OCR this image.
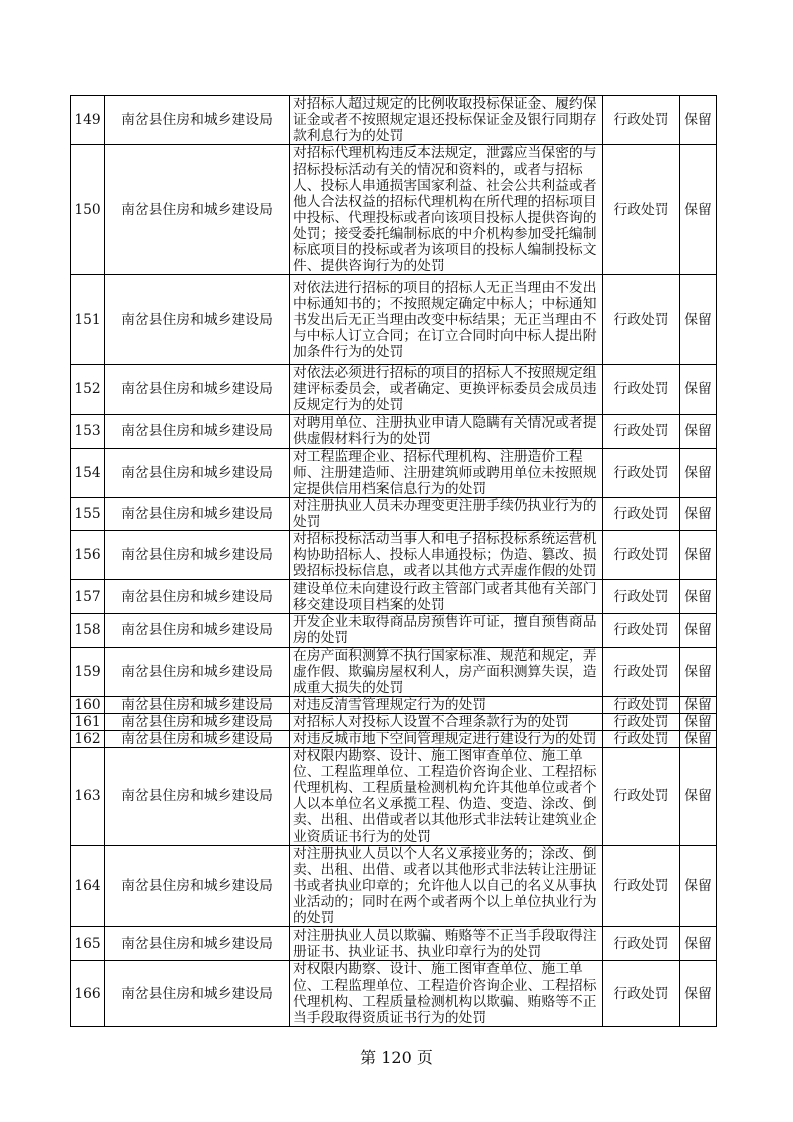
149	南岔县住房和城乡建设局	对招标人超过规定的比例收取投标保证金、履约保证金或者不按照规定退还投标保证金及银行同期存款利息行为的处罚	行政处罚	保留
150	南岔县住房和城乡建设局	对招标代理机构违反本法规定，泄露应当保密的与招标投标活动有关的情况和资料的，或者与招标人、投标人串通损害国家利益、社会公共利益或者他人合法权益的招标代理机构在所代理的招标项目中投标、代理投标或者向该项目投标人提供咨询的处罚；接受委托编制标底的中介机构参加受托编制标底项目的投标或者为该项目的投标人编制投标文件、提供咨询行为的处罚	行政处罚	保留
151	南岔县住房和城乡建设局	对依法进行招标的项目的招标人无正当理由不发出中标通知书的；不按照规定确定中标人；中标通知书发出后无正当理由改变中标结果；无正当理由不与中标人订立合同；在订立合同时向中标人提出附加条件行为的处罚	行政处罚	保留
152	南岔县住房和城乡建设局	对依法必须进行招标的项目的招标人不按照规定组建评标委员会，或者确定、更换评标委员会成员违反规定行为的处罚	行政处罚	保留
153	南岔县住房和城乡建设局	对聘用单位、注册执业申请人隐瞒有关情况或者提供虚假材料行为的处罚	行政处罚	保留
154	南岔县住房和城乡建设局	对工程监理企业、招标代理机构、注册造价工程师、注册建造师、注册建筑师或聘用单位未按照规定提供信用档案信息行为的处罚	行政处罚	保留
155	南岔县住房和城乡建设局	对注册执业人员未办理变更注册手续仍执业行为的处罚	行政处罚	保留
156	南岔县住房和城乡建设局	对招标投标活动当事人和电子招标投标系统运营机构协助招标人、投标人串通投标；伪造、篡改、损毁招标投标信息，或者以其他方式弄虚作假的处罚	行政处罚	保留
157	南岔县住房和城乡建设局	建设单位未向建设行政主管部门或者其他有关部门移交建设项目档案的处罚	行政处罚	保留
158	南岔县住房和城乡建设局	开发企业未取得商品房预售许可证，擅自预售商品房的处罚	行政处罚	保留
159	南岔县住房和城乡建设局	在房产面积测算不执行国家标准、规范和规定，弄虚作假、欺骗房屋权利人，房产面积测算失误，造成重大损失的处罚	行政处罚	保留
160	南岔县住房和城乡建设局	对违反清雪管理规定行为的处罚	行政处罚	保留
161	南岔县住房和城乡建设局	对招标人对投标人设置不合理条款行为的处罚	行政处罚	保留
162	南岔县住房和城乡建设局	对违反城市地下空间管理规定进行建设行为的处罚	行政处罚	保留
163	南岔县住房和城乡建设局	对权限内勘察、设计、施工图审查单位、施工单位、工程监理单位、工程造价咨询企业、工程招标代理机构、工程质量检测机构允许其他单位或者个人以本单位名义承揽工程、伪造、变造、涂改、倒卖、出租、出借或者以其他形式非法转让建筑业企业资质证书行为的处罚	行政处罚	保留
164	南岔县住房和城乡建设局	对注册执业人员以个人名义承接业务的；涂改、倒卖、出租、出借、或者以其他形式非法转让注册证书或者执业印章的；允许他人以自己的名义从事执业活动的；同时在两个或者两个以上单位执业行为的处罚	行政处罚	保留
165	南岔县住房和城乡建设局	对注册执业人员以欺骗、贿赂等不正当手段取得注册证书、执业证书、执业印章行为的处罚	行政处罚	保留
166	南岔县住房和城乡建设局	对权限内勘察、设计、施工图审查单位、施工单位、工程监理单位、工程造价咨询企业、工程招标代理机构、工程质量检测机构以欺骗、贿赂等不正当手段取得资质证书行为的处罚	行政处罚	保留
第 120 页
